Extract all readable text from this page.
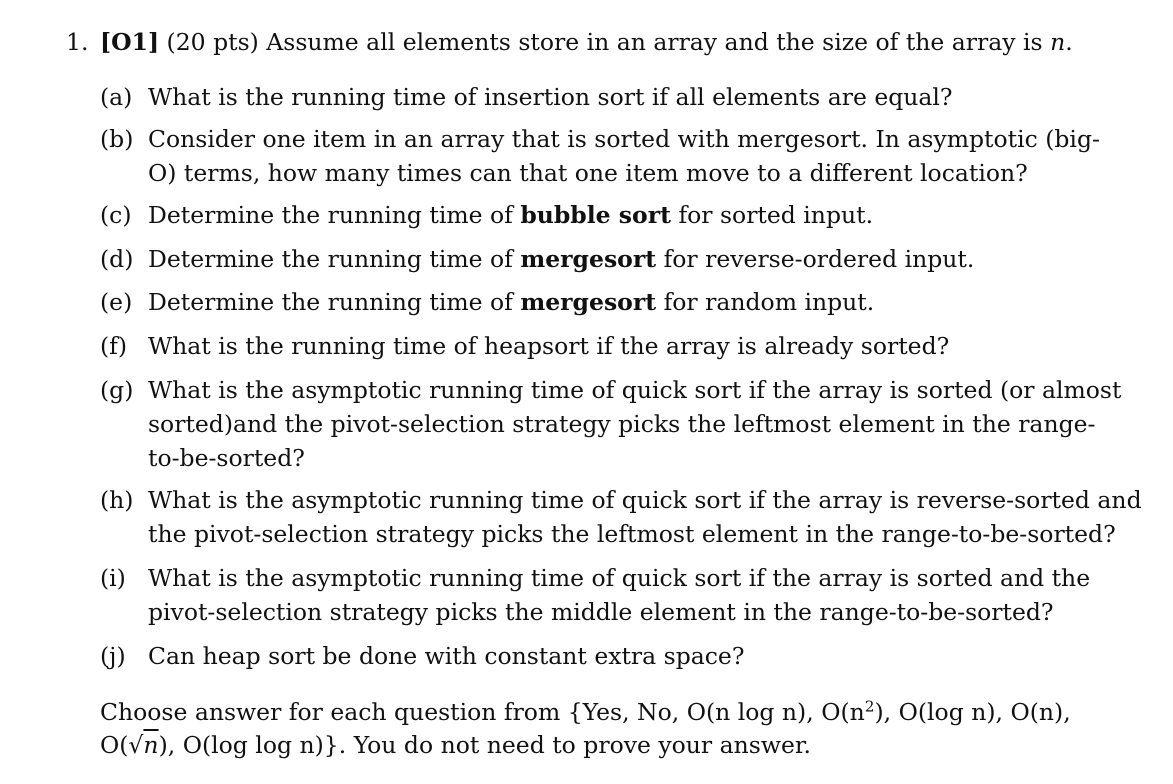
1. [O1] (20 pts) Assume all elements store in an array and the size of the array is n.
(a) What is the running time of insertion sort if all elements are equal?
(b) Consider one item in an array that is sorted with mergesort. In asymptotic (big-
O) terms, how many times can that one item move to a different location?
(c) Determine the running time of bubble sort for sorted input.
(d) Determine the running time of mergesort for reverse-ordered input.
(e) Determine the running time of mergesort for random input.
(f) What is the running time of heapsort if the array is already sorted?
(g) What is the asymptotic running time of quick sort if the array is sorted (or almost
sorted)and the pivot-selection strategy picks the leftmost element in the range-
to-be-sorted?
(h) What is the asymptotic running time of quick sort if the array is reverse-sorted and
the pivot-selection strategy picks the leftmost element in the range-to-be-sorted?
(i) What is the asymptotic running time of quick sort if the array is sorted and the
pivot-selection strategy picks the middle element in the range-to-be-sorted?
(j) Can heap sort be done with constant extra space?
Choose answer for each question from {Yes, No, O(n log n), $O(n^2)$, O(log n), O(n),
O(√n), O(log log n)}. You do not need to prove your answer.
